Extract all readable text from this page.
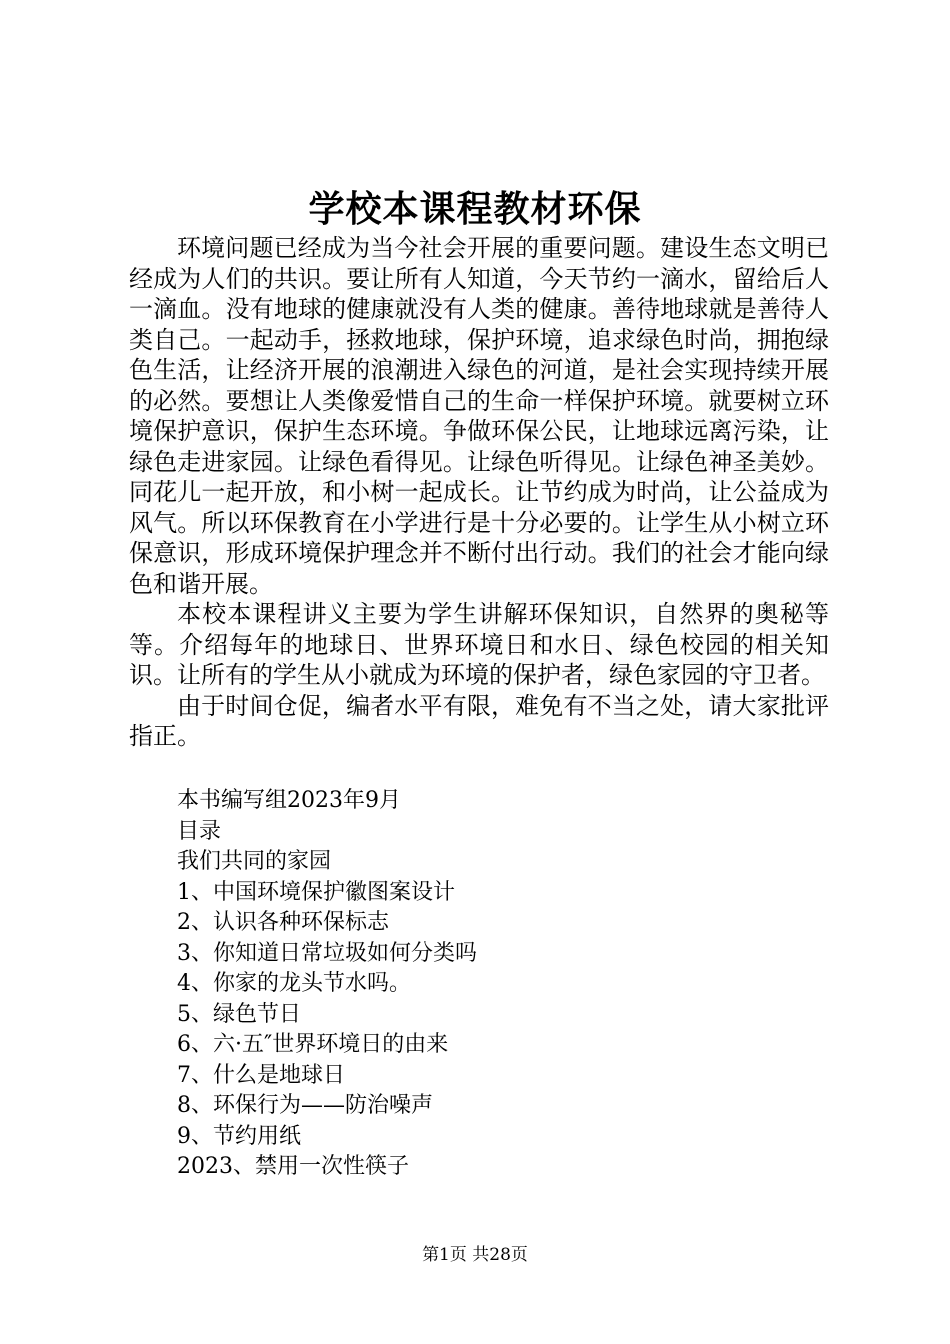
学校本课程教材环保

环境问题已经成为当今社会开展的重要问题。建设生态文明已经成为人们的共识。要让所有人知道，今天节约一滴水，留给后人一滴血。没有地球的健康就没有人类的健康。善待地球就是善待人类自己。一起动手，拯救地球，保护环境，追求绿色时尚，拥抱绿色生活，让经济开展的浪潮进入绿色的河道，是社会实现持续开展的必然。要想让人类像爱惜自己的生命一样保护环境。就要树立环境保护意识，保护生态环境。争做环保公民，让地球远离污染，让绿色走进家园。让绿色看得见。让绿色听得见。让绿色神圣美妙。同花儿一起开放，和小树一起成长。让节约成为时尚，让公益成为风气。所以环保教育在小学进行是十分必要的。让学生从小树立环保意识，形成环境保护理念并不断付出行动。我们的社会才能向绿色和谐开展。

本校本课程讲义主要为学生讲解环保知识，自然界的奥秘等等。介绍每年的地球日、世界环境日和水日、绿色校园的相关知识。让所有的学生从小就成为环境的保护者，绿色家园的守卫者。

由于时间仓促，编者水平有限，难免有不当之处，请大家批评指正。

本书编写组2023年9月
目录
我们共同的家园
1、中国环境保护徽图案设计
2、认识各种环保标志
3、你知道日常垃圾如何分类吗
4、你家的龙头节水吗。
5、绿色节日
6、六·五″世界环境日的由来
7、什么是地球日
8、环保行为——防治噪声
9、节约用纸
2023、禁用一次性筷子
第1页 共28页
